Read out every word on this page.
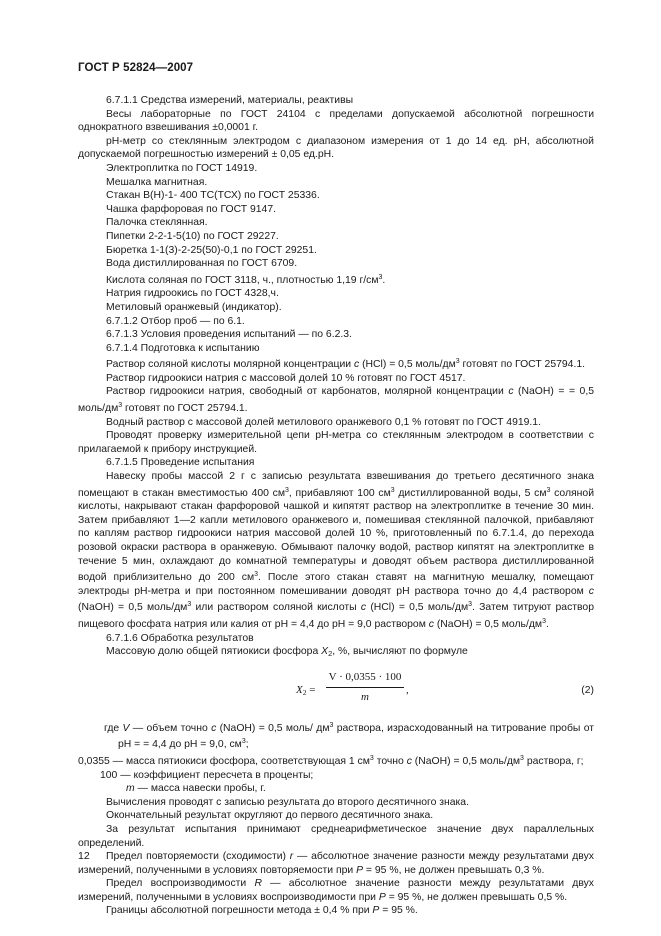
ГОСТ Р 52824—2007

6.7.1.1 Средства измерений, материалы, реактивы

Весы лабораторные по ГОСТ 24104 с пределами допускаемой абсолютной погрешности однократного взвешивания ±0,0001 г.

pH-метр со стеклянным электродом с диапазоном измерения от 1 до 14 ед. pH, абсолютной допускаемой погрешностью измерений ± 0,05 ед.pH.

Электроплитка по ГОСТ 14919.

Мешалка магнитная.

Стакан В(Н)-1- 400 ТС(ТСХ) по ГОСТ 25336.

Чашка фарфоровая по ГОСТ 9147.

Палочка стеклянная.

Пипетки 2-2-1-5(10) по ГОСТ 29227.

Бюретка 1-1(3)-2-25(50)-0,1 по ГОСТ 29251.

Вода дистиллированная по ГОСТ 6709.

Кислота соляная по ГОСТ 3118, ч., плотностью 1,19 $г/см^3$.

Натрия гидроокись по ГОСТ 4328,ч.

Метиловый оранжевый (индикатор).

6.7.1.2 Отбор проб — по 6.1.

6.7.1.3 Условия проведения испытаний — по 6.2.3.

6.7.1.4 Подготовка к испытанию

Раствор соляной кислоты молярной концентрации c (HCl) = 0,5 моль/$дм^3$ готовят по ГОСТ 25794.1.

Раствор гидроокиси натрия с массовой долей 10 % готовят по ГОСТ 4517.

Раствор гидроокиси натрия, свободный от карбонатов, молярной концентрации c (NaOH) = = 0,5 моль/$дм^3$ готовят по ГОСТ 25794.1.

Водный раствор с массовой долей метилового оранжевого 0,1 % готовят по ГОСТ 4919.1.

Проводят проверку измерительной цепи pH-метра со стеклянным электродом в соответствии с прилагаемой к прибору инструкцией.

6.7.1.5 Проведение испытания

Навеску пробы массой 2 г с записью результата взвешивания до третьего десятичного знака помещают в стакан вместимостью 400 $см^3$, прибавляют 100 $см^3$ дистиллированной воды, 5 $см^3$ соляной кислоты, накрывают стакан фарфоровой чашкой и кипятят раствор на электроплитке в течение 30 мин. Затем прибавляют 1—2 капли метилового оранжевого и, помешивая стеклянной палочкой, прибавляют по каплям раствор гидроокиси натрия массовой долей 10 %, приготовленный по 6.7.1.4, до перехода розовой окраски раствора в оранжевую. Обмывают палочку водой, раствор кипятят на электроплитке в течение 5 мин, охлаждают до комнатной температуры и доводят объем раствора дистиллированной водой приблизительно до 200 $см^3$. После этого стакан ставят на магнитную мешалку, помещают электроды pH-метра и при постоянном помешивании доводят pH раствора точно до 4,4 раствором c (NaOH) = 0,5 моль/$дм^3$ или раствором соляной кислоты c (HCl) = 0,5 моль/$дм^3$. Затем титруют раствор пищевого фосфата натрия или калия от pH = 4,4 до pH = 9,0 раствором c (NaOH) = 0,5 моль/$дм^3$.

6.7.1.6 Обработка результатов

Массовую долю общей пятиокиси фосфора $X_2$, %, вычисляют по формуле

$X_2$ =
V · 0,0355 · 100
m
,	(2)

где V — объем точно c (NaOH) = 0,5 моль/ $дм^3$ раствора, израсходованный на титрование пробы от pH = = 4,4 до pH = 9,0, $см^3$;

0,0355 — масса пятиокиси фосфора, соответствующая 1 $см^3$ точно c (NaOH) = 0,5 моль/$дм^3$ раствора, г;

100 — коэффициент пересчета в проценты;

m — масса навески пробы, г.

Вычисления проводят с записью результата до второго десятичного знака.

Окончательный результат округляют до первого десятичного знака.

За результат испытания принимают среднеарифметическое значение двух параллельных определений.

Предел повторяемости (сходимости) r — абсолютное значение разности между результатами двух измерений, полученными в условиях повторяемости при P = 95 %, не должен превышать 0,3 %.

Предел воспроизводимости R — абсолютное значение разности между результатами двух измерений, полученными в условиях воспроизводимости при P = 95 %, не должен превышать 0,5 %.

Границы абсолютной погрешности метода ± 0,4 % при P = 95 %.

12
